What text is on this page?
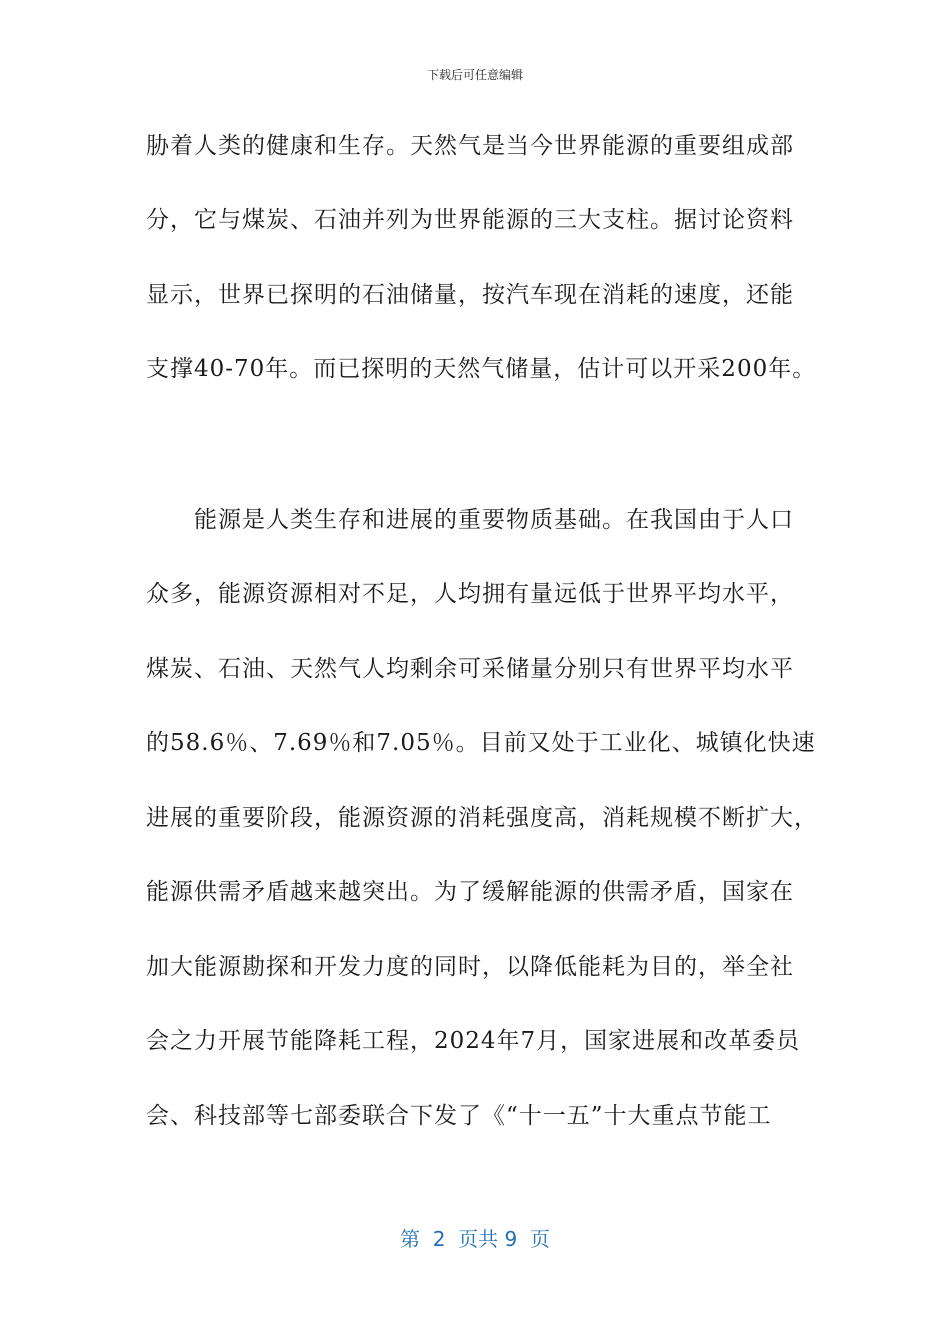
下载后可任意编辑
胁着人类的健康和生存。天然气是当今世界能源的重要组成部
分，它与煤炭、石油并列为世界能源的三大支柱。据讨论资料
显示，世界已探明的石油储量，按汽车现在消耗的速度，还能
支撑40-70年。而已探明的天然气储量，估计可以开采200年。
　　能源是人类生存和进展的重要物质基础。在我国由于人口
众多，能源资源相对不足，人均拥有量远低于世界平均水平，
煤炭、石油、天然气人均剩余可采储量分别只有世界平均水平
的58.6％、7.69％和7.05％。目前又处于工业化、城镇化快速
进展的重要阶段，能源资源的消耗强度高，消耗规模不断扩大，
能源供需矛盾越来越突出。为了缓解能源的供需矛盾，国家在
加大能源勘探和开发力度的同时，以降低能耗为目的，举全社
会之力开展节能降耗工程，2024年7月，国家进展和改革委员
会、科技部等七部委联合下发了《“十一五”十大重点节能工
第  2  页共 9  页
